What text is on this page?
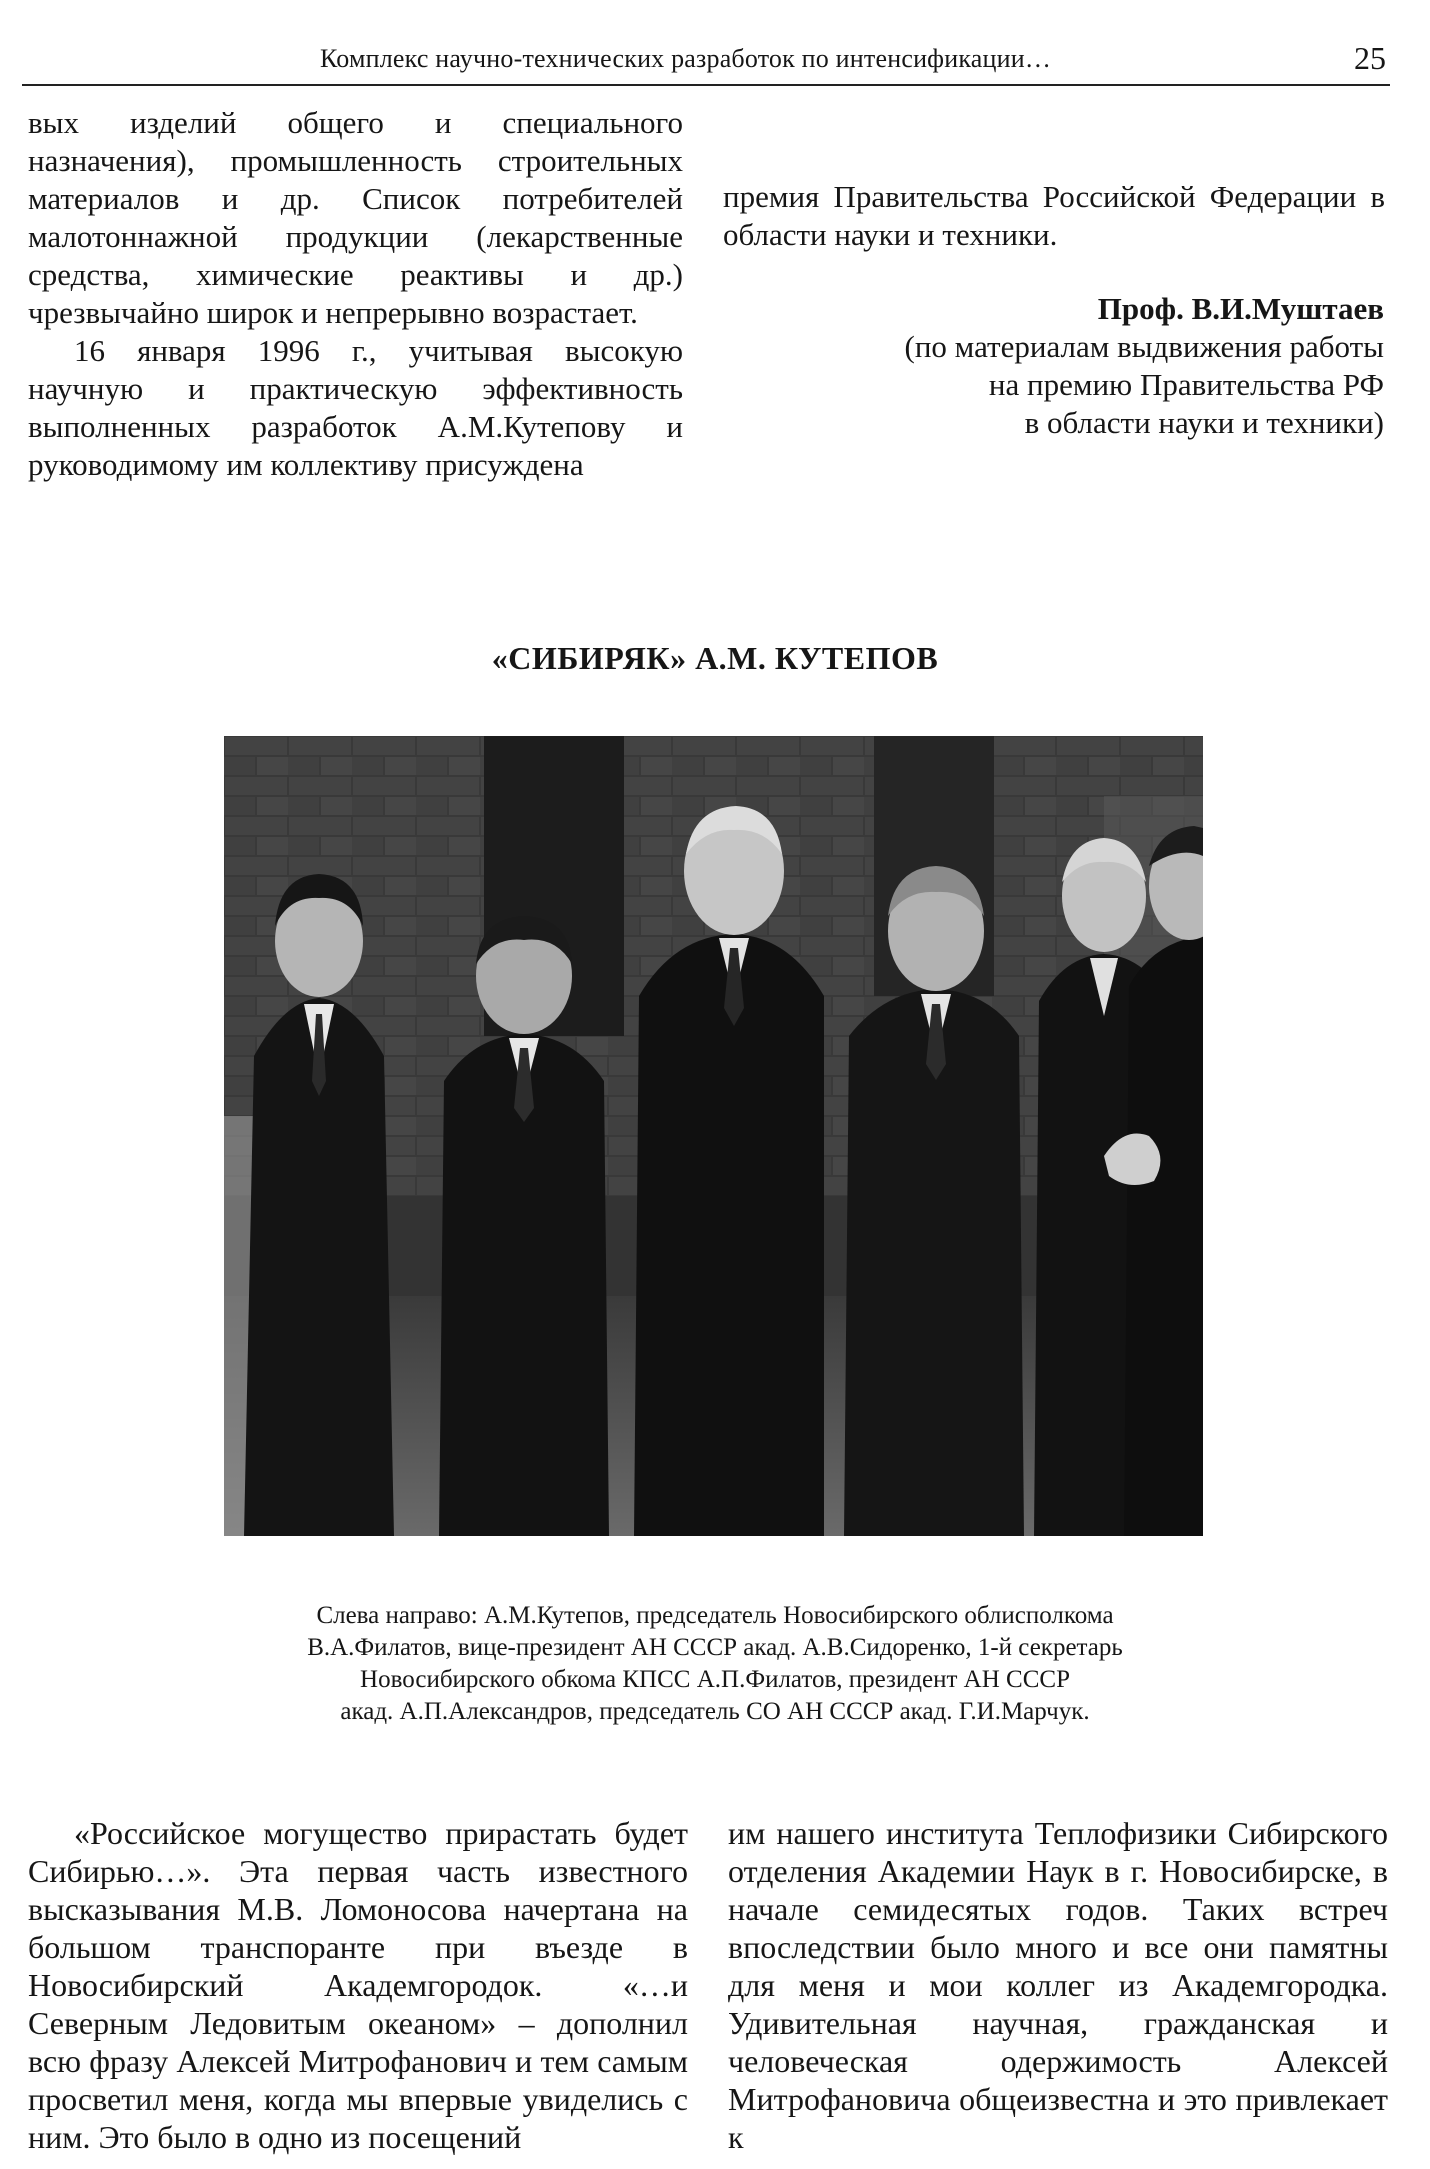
Комплекс научно-технических разработок по интенсификации…	25

вых изделий общего и специального назначения), промышленность строительных материалов и др. Список потребителей малотоннажной продукции (лекарственные средства, химические реактивы и др.) чрезвычайно широк и непрерывно возрастает.

16 января 1996 г., учитывая высокую научную и практическую эффективность выполненных разработок А.М.Кутепову и руководимому им коллективу присуждена

премия Правительства Российской Федерации в области науки и техники.

Проф. В.И.Муштаев
(по материалам выдвижения работы
на премию Правительства РФ
в области науки и техники)
«СИБИРЯК» А.М. КУТЕПОВ
Слева направо: А.М.Кутепов, председатель Новосибирского облисполкома
В.А.Филатов, вице-президент АН СССР акад. А.В.Сидоренко, 1-й секретарь
Новосибирского обкома КПСС А.П.Филатов, президент АН СССР
акад. А.П.Александров, председатель СО АН СССР акад. Г.И.Марчук.

«Российское могущество прирастать будет Сибирью…». Эта первая часть известного высказывания М.В. Ломоносова начертана на большом транспоранте при въезде в Новосибирский Академгородок. «…и Северным Ледовитым океаном» – дополнил всю фразу Алексей Митрофанович и тем самым просветил меня, когда мы впервые увиделись с ним. Это было в одно из посещений

им нашего института Теплофизики Сибирского отделения Академии Наук в г. Новосибирске, в начале семидесятых годов. Таких встреч впоследствии было много и все они памятны для меня и мои коллег из Академгородка. Удивительная научная, гражданская и человеческая одержимость Алексей Митрофановича общеизвестна и это привлекает к
